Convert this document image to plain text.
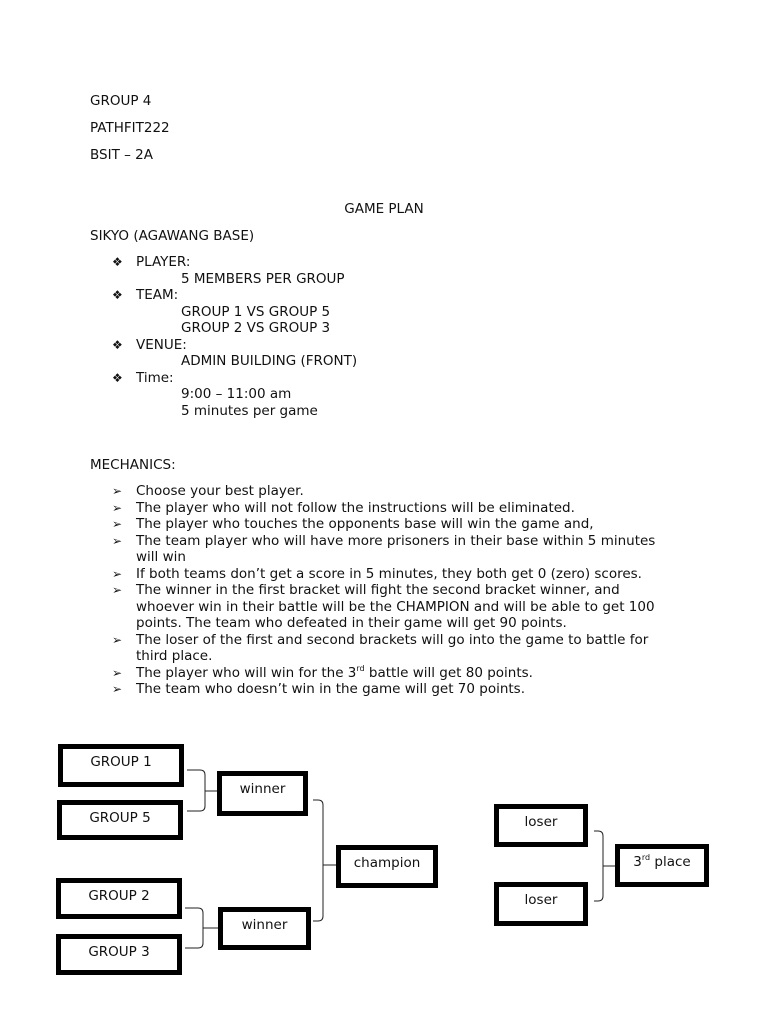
GROUP 4
PATHFIT222
BSIT – 2A
GAME PLAN
SIKYO (AGAWANG BASE)
❖ PLAYER:
5 MEMBERS PER GROUP
❖ TEAM:
GROUP 1 VS GROUP 5
GROUP 2 VS GROUP 3
❖ VENUE:
ADMIN BUILDING (FRONT)
❖ Time:
9:00 – 11:00 am
5 minutes per game
MECHANICS:
➢ Choose your best player.
➢ The player who will not follow the instructions will be eliminated.
➢ The player who touches the opponents base will win the game and,
➢ The team player who will have more prisoners in their base within 5 minutes will win
➢ If both teams don’t get a score in 5 minutes, they both get 0 (zero) scores.
➢ The winner in the first bracket will fight the second bracket winner, and whoever win in their battle will be the CHAMPION and will be able to get 100 points. The team who defeated in their game will get 90 points.
➢ The loser of the first and second brackets will go into the game to battle for third place.
➢ The player who will win for the 3rd battle will get 80 points.
➢ The team who doesn’t win in the game will get 70 points.
GROUP 1
GROUP 5
GROUP 2
GROUP 3
winner
winner
champion
loser
loser
3rd place
